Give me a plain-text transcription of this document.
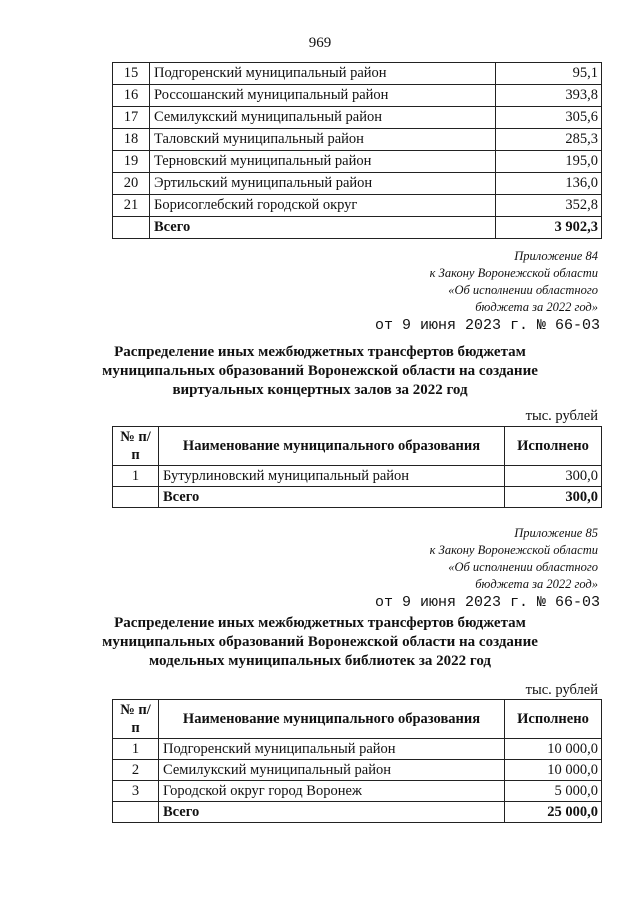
969
15	Подгоренский муниципальный район	95,1
16	Россошанский муниципальный район	393,8
17	Семилукский муниципальный район	305,6
18	Таловский муниципальный район	285,3
19	Терновский муниципальный район	195,0
20	Эртильский муниципальный район	136,0
21	Борисоглебский городской округ	352,8
	Всего	3 902,3
Приложение 84
к Закону Воронежской области
«Об исполнении областного
бюджета за 2022 год»
от 9 июня 2023 г. № 66-03
Распределение иных межбюджетных трансфертов бюджетам
муниципальных образований Воронежской области на создание
виртуальных концертных залов за 2022 год
тыс. рублей
№ п/п	Наименование муниципального образования	Исполнено
1	Бутурлиновский муниципальный район	300,0
	Всего	300,0
Приложение 85
к Закону Воронежской области
«Об исполнении областного
бюджета за 2022 год»
от 9 июня 2023 г. № 66-03
Распределение иных межбюджетных трансфертов бюджетам
муниципальных образований Воронежской области на создание
модельных муниципальных библиотек за 2022 год
тыс. рублей
№ п/п	Наименование муниципального образования	Исполнено
1	Подгоренский муниципальный район	10 000,0
2	Семилукский муниципальный район	10 000,0
3	Городской округ город Воронеж	5 000,0
	Всего	25 000,0
